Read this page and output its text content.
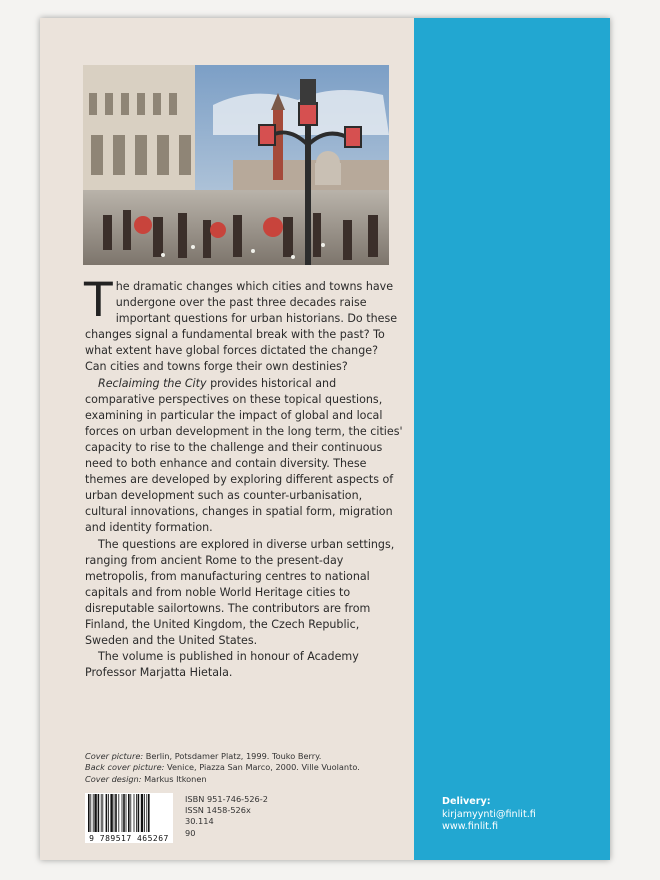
The dramatic changes which cities and towns have undergone over the past three decades raise important questions for urban historians. Do these changes signal a fundamental break with the past? To what extent have global forces dictated the change? Can cities and towns forge their own destinies?

Reclaiming the City provides historical and comparative perspectives on these topical questions, examining in particular the impact of global and local forces on urban development in the long term, the cities' capacity to rise to the challenge and their continuous need to both enhance and contain diversity. These themes are developed by exploring different aspects of urban development such as counter-urbanisation, cultural innovations, changes in spatial form, migration and identity formation.

The questions are explored in diverse urban settings, ranging from ancient Rome to the present-day metropolis, from manufacturing centres to national capitals and from noble World Heritage cities to disreputable sailortowns. The contributors are from Finland, the United Kingdom, the Czech Republic, Sweden and the United States.

The volume is published in honour of Academy Professor Marjatta Hietala.

Cover picture: Berlin, Potsdamer Platz, 1999. Touko Berry.
Back cover picture: Venice, Piazza San Marco, 2000. Ville Vuolanto.
Cover design: Markus Itkonen
9 789517 465267
ISBN 951-746-526-2
ISSN 1458-526x
30.114
90
Delivery:
kirjamyynti@finlit.fi
www.finlit.fi
